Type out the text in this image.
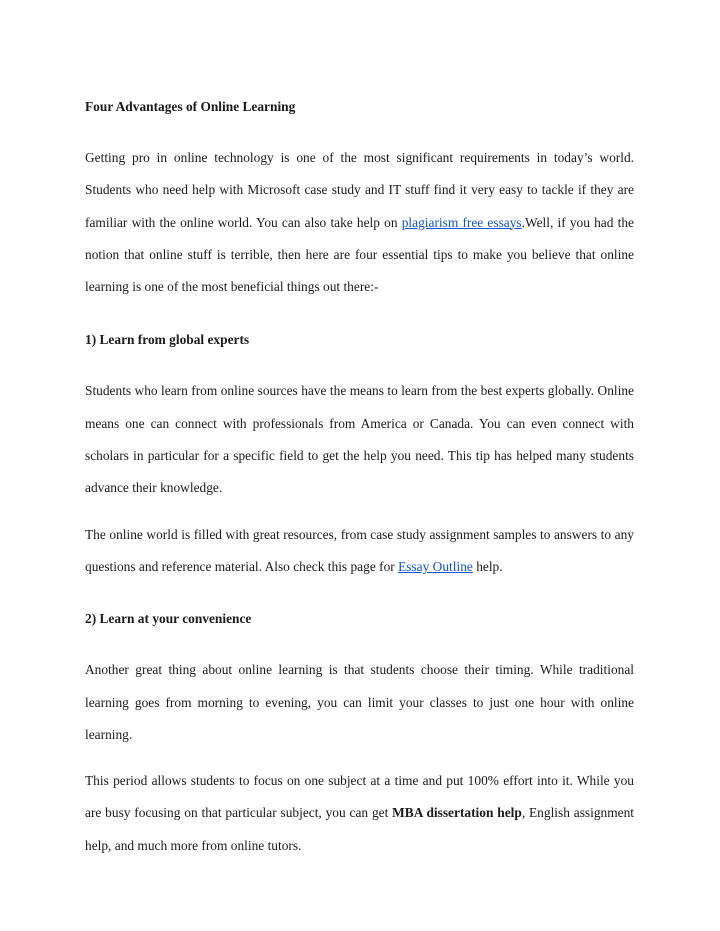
Four Advantages of Online Learning

Getting pro in online technology is one of the most significant requirements in today’s world. Students who need help with Microsoft case study and IT stuff find it very easy to tackle if they are familiar with the online world. You can also take help on plagiarism free essays.Well, if you had the notion that online stuff is terrible, then here are four essential tips to make you believe that online learning is one of the most beneficial things out there:-

1) Learn from global experts

Students who learn from online sources have the means to learn from the best experts globally. Online means one can connect with professionals from America or Canada. You can even connect with scholars in particular for a specific field to get the help you need. This tip has helped many students advance their knowledge.

The online world is filled with great resources, from case study assignment samples to answers to any questions and reference material. Also check this page for Essay Outline help.

2) Learn at your convenience

Another great thing about online learning is that students choose their timing. While traditional learning goes from morning to evening, you can limit your classes to just one hour with online learning.

This period allows students to focus on one subject at a time and put 100% effort into it. While you are busy focusing on that particular subject, you can get MBA dissertation help, English assignment help, and much more from online tutors.
